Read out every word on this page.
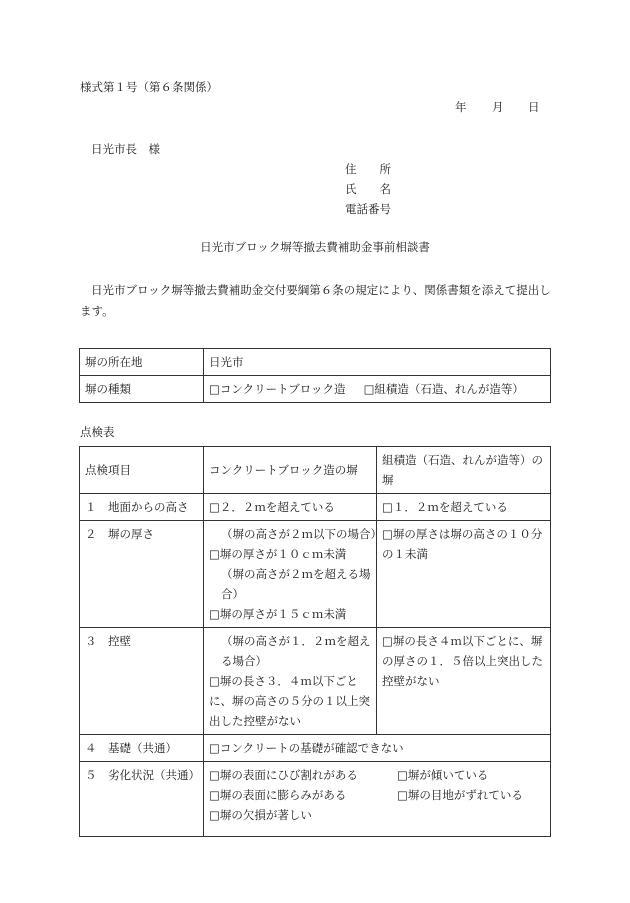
様式第１号（第６条関係）
年 月 日
日光市長　様
住　　所
氏　　名
電話番号
日光市ブロック塀等撤去費補助金事前相談書
日光市ブロック塀等撤去費補助金交付要綱第６条の規定により、関係書類を添えて提出します。
塀の所在地	日光市
塀の種類	□コンクリートブロック造 □組積造（石造、れんが造等）
点検表
点検項目	コンクリートブロック造の塀	組積造（石造、れんが造等）の塀

１　地面からの高さ	□２．２ｍを超えている	□１．２ｍを超えている
２　塀の厚さ	（塀の高さが２ｍ以下の場合）
□塀の厚さが１０ｃｍ未満
（塀の高さが２ｍを超える場合）
□塀の厚さが１５ｃｍ未満	□塀の厚さは塀の高さの１０分の１未満

３　控壁	（塀の高さが１．２ｍを超える場合）
□塀の長さ３．４ｍ以下ごとに、塀の高さの５分の１以上突出した控壁がない	□塀の長さ４ｍ以下ごとに、塀の厚さの１．５倍以上突出した控壁がない

４　基礎（共通）	□コンクリートの基礎が確認できない	
５　劣化状況（共通）	□塀の表面にひび割れがある □塀が傾いている
□塀の表面に膨らみがある □塀の目地がずれている
□塀の欠損が著しい	
